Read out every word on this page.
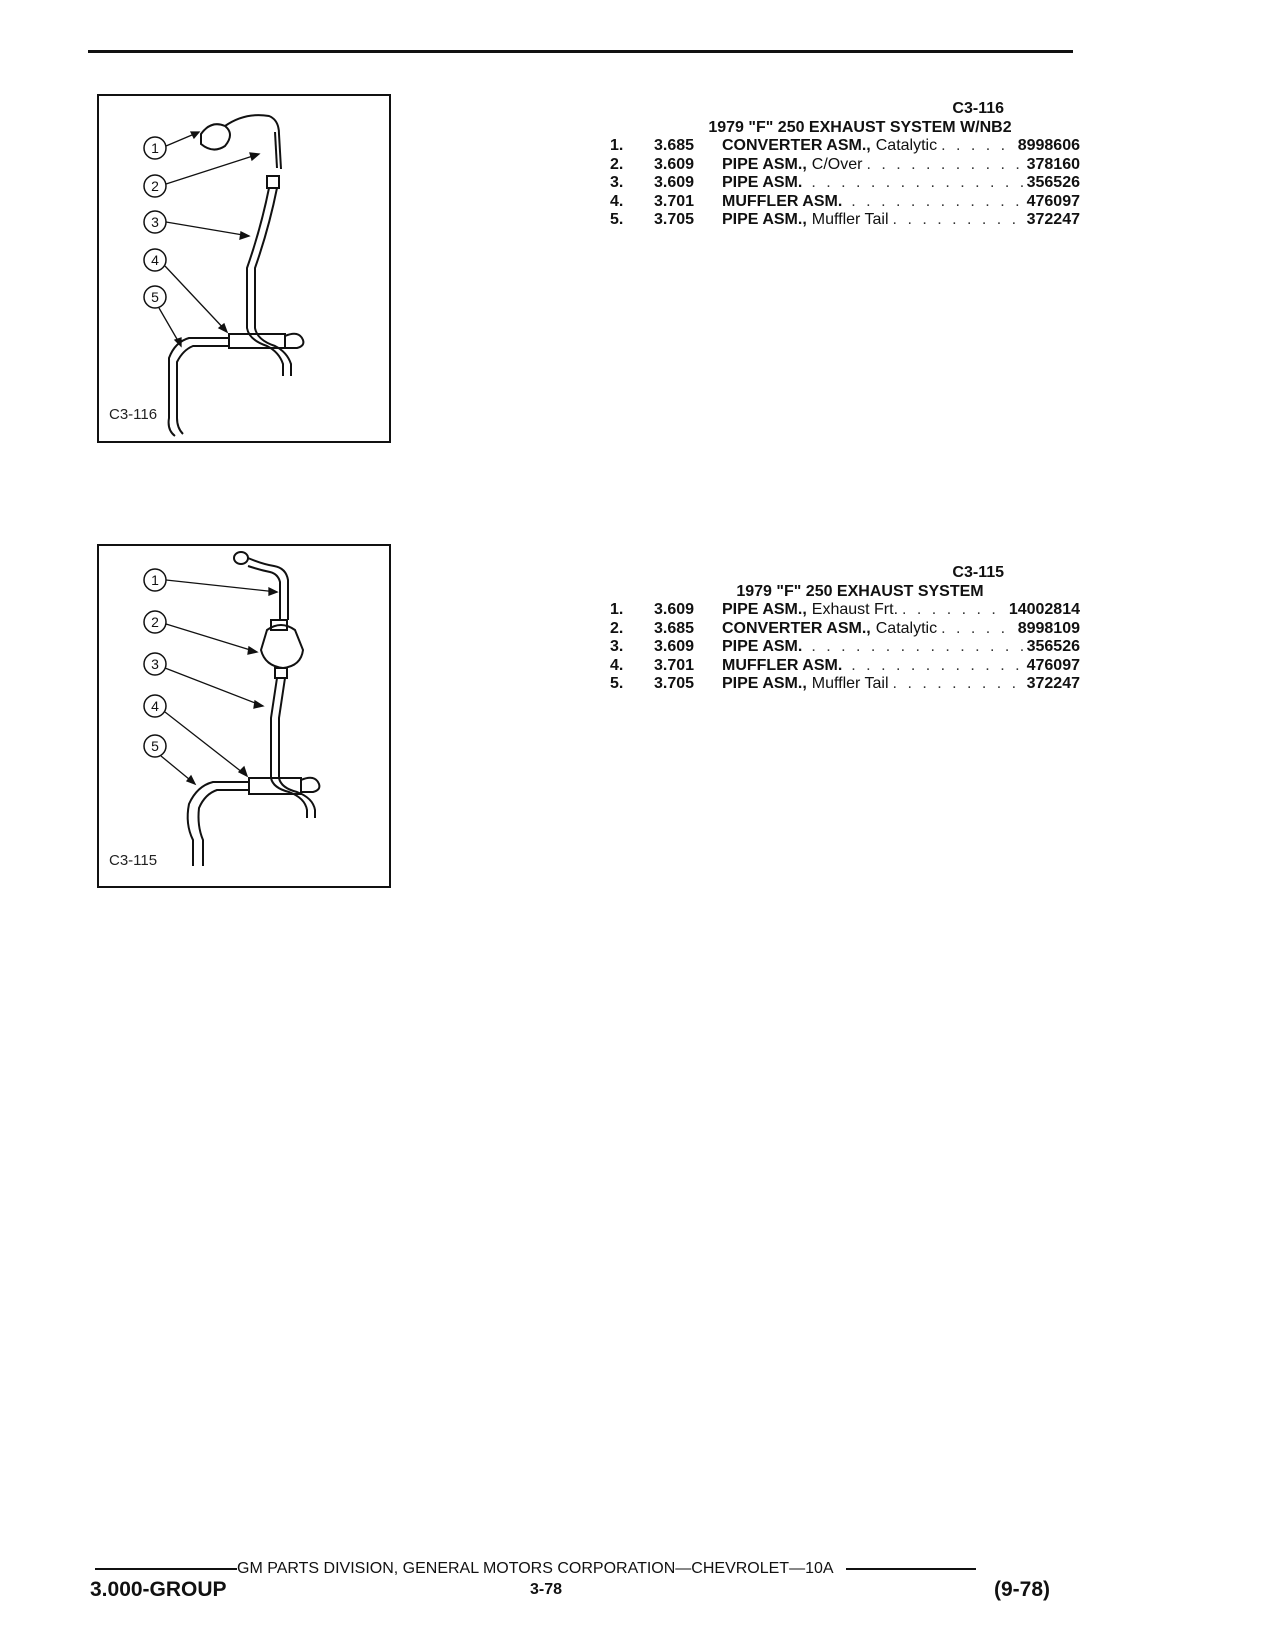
1
2
3
4
5
C3-116
C3-116
1979 "F" 250 EXHAUST SYSTEM W/NB2
1.	3.685	CONVERTER ASM., Catalytic . . .	8998606
2.	3.609	PIPE ASM., C/Over . . .	378160
3.	3.609	PIPE ASM. . . .	356526
4.	3.701	MUFFLER ASM. . . .	476097
5.	3.705	PIPE ASM., Muffler Tail . . .	372247
1
2
3
4
5
C3-115
C3-115
1979 "F" 250 EXHAUST SYSTEM
1.	3.609	PIPE ASM., Exhaust Frt. . . .	14002814
2.	3.685	CONVERTER ASM., Catalytic . . .	8998109
3.	3.609	PIPE ASM. . . .	356526
4.	3.701	MUFFLER ASM. . . .	476097
5.	3.705	PIPE ASM., Muffler Tail . . .	372247
GM PARTS DIVISION, GENERAL MOTORS CORPORATION—CHEVROLET—10A
3.000-GROUP	3-78	(9-78)
